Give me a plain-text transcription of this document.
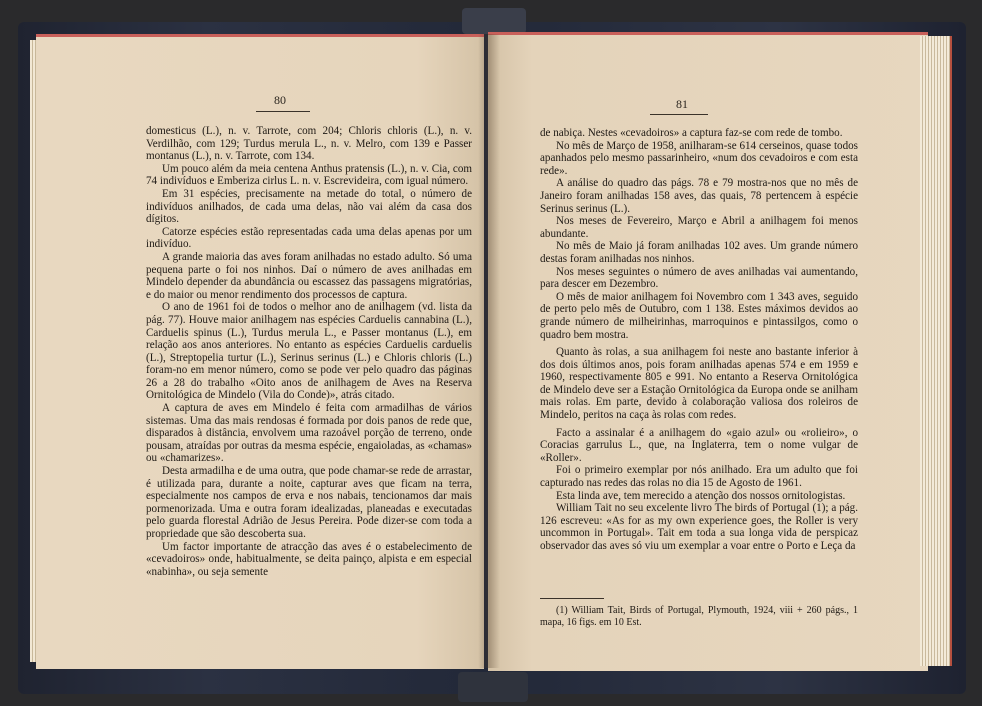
80

domesticus (L.), n. v. Tarrote, com 204; Chloris chloris (L.), n. v. Verdilhão, com 129; Turdus merula L., n. v. Melro, com 139 e Passer montanus (L.), n. v. Tarrote, com 134.

Um pouco além da meia centena Anthus pratensis (L.), n. v. Cia, com 74 indivíduos e Emberiza cirlus L. n. v. Escrevideira, com igual número.

Em 31 espécies, precisamente na metade do total, o número de indivíduos anilhados, de cada uma delas, não vai além da casa dos dígitos.

Catorze espécies estão representadas cada uma delas apenas por um indivíduo.

A grande maioria das aves foram anilhadas no estado adulto. Só uma pequena parte o foi nos ninhos. Daí o número de aves anilhadas em Mindelo depender da abundância ou escassez das passagens migratórias, e do maior ou menor rendimento dos processos de captura.

O ano de 1961 foi de todos o melhor ano de anilhagem (vd. lista da pág. 77). Houve maior anilhagem nas espécies Carduelis cannabina (L.), Carduelis spinus (L.), Turdus merula L., e Passer montanus (L.), em relação aos anos anteriores. No entanto as espécies Carduelis carduelis (L.), Streptopelia turtur (L.), Serinus serinus (L.) e Chloris chloris (L.) foram-no em menor número, como se pode ver pelo quadro das páginas 26 a 28 do trabalho «Oito anos de anilhagem de Aves na Reserva Ornitológica de Mindelo (Vila do Conde)», atrás citado.

A captura de aves em Mindelo é feita com armadilhas de vários sistemas. Uma das mais rendosas é formada por dois panos de rede que, disparados à distância, envolvem uma razoável porção de terreno, onde pousam, atraídas por outras da mesma espécie, engaioladas, as «chamas» ou «chamarizes».

Desta armadilha e de uma outra, que pode chamar-se rede de arrastar, é utilizada para, durante a noite, capturar aves que ficam na terra, especialmente nos campos de erva e nos nabais, tencionamos dar mais pormenorizada. Uma e outra foram idealizadas, planeadas e executadas pelo guarda florestal Adrião de Jesus Pereira. Pode dizer-se com toda a propriedade que são descoberta sua.

Um factor importante de atracção das aves é o estabelecimento de «cevadoiros» onde, habitualmente, se deita painço, alpista e em especial «nabinha», ou seja semente

81

de nabiça. Nestes «cevadoiros» a captura faz-se com rede de tombo.

No mês de Março de 1958, anilharam-se 614 cerseinos, quase todos apanhados pelo mesmo passarinheiro, «num dos cevadoiros e com esta rede».

A análise do quadro das págs. 78 e 79 mostra-nos que no mês de Janeiro foram anilhadas 158 aves, das quais, 78 pertencem à espécie Serinus serinus (L.).

Nos meses de Fevereiro, Março e Abril a anilhagem foi menos abundante.

No mês de Maio já foram anilhadas 102 aves. Um grande número destas foram anilhadas nos ninhos.

Nos meses seguintes o número de aves anilhadas vai aumentando, para descer em Dezembro.

O mês de maior anilhagem foi Novembro com 1 343 aves, seguido de perto pelo mês de Outubro, com 1 138. Estes máximos devidos ao grande número de milheirinhas, marroquinos e pintassilgos, como o quadro bem mostra.

Quanto às rolas, a sua anilhagem foi neste ano bastante inferior à dos dois últimos anos, pois foram anilhadas apenas 574 e em 1959 e 1960, respectivamente 805 e 991. No entanto a Reserva Ornitológica de Mindelo deve ser a Estação Ornitológica da Europa onde se anilham mais rolas. Em parte, devido à colaboração valiosa dos roleiros de Mindelo, peritos na caça às rolas com redes.

Facto a assinalar é a anilhagem do «gaio azul» ou «rolieiro», o Coracias garrulus L., que, na Inglaterra, tem o nome vulgar de «Roller».

Foi o primeiro exemplar por nós anilhado. Era um adulto que foi capturado nas redes das rolas no dia 15 de Agosto de 1961.

Esta linda ave, tem merecido a atenção dos nossos ornitologistas.

William Tait no seu excelente livro The birds of Portugal (1); a pág. 126 escreveu: «As for as my own experience goes, the Roller is very uncommon in Portugal». Tait em toda a sua longa vida de perspicaz observador das aves só viu um exemplar a voar entre o Porto e Leça da

(1) William Tait, Birds of Portugal, Plymouth, 1924, viii + 260 págs., 1 mapa, 16 figs. em 10 Est.
